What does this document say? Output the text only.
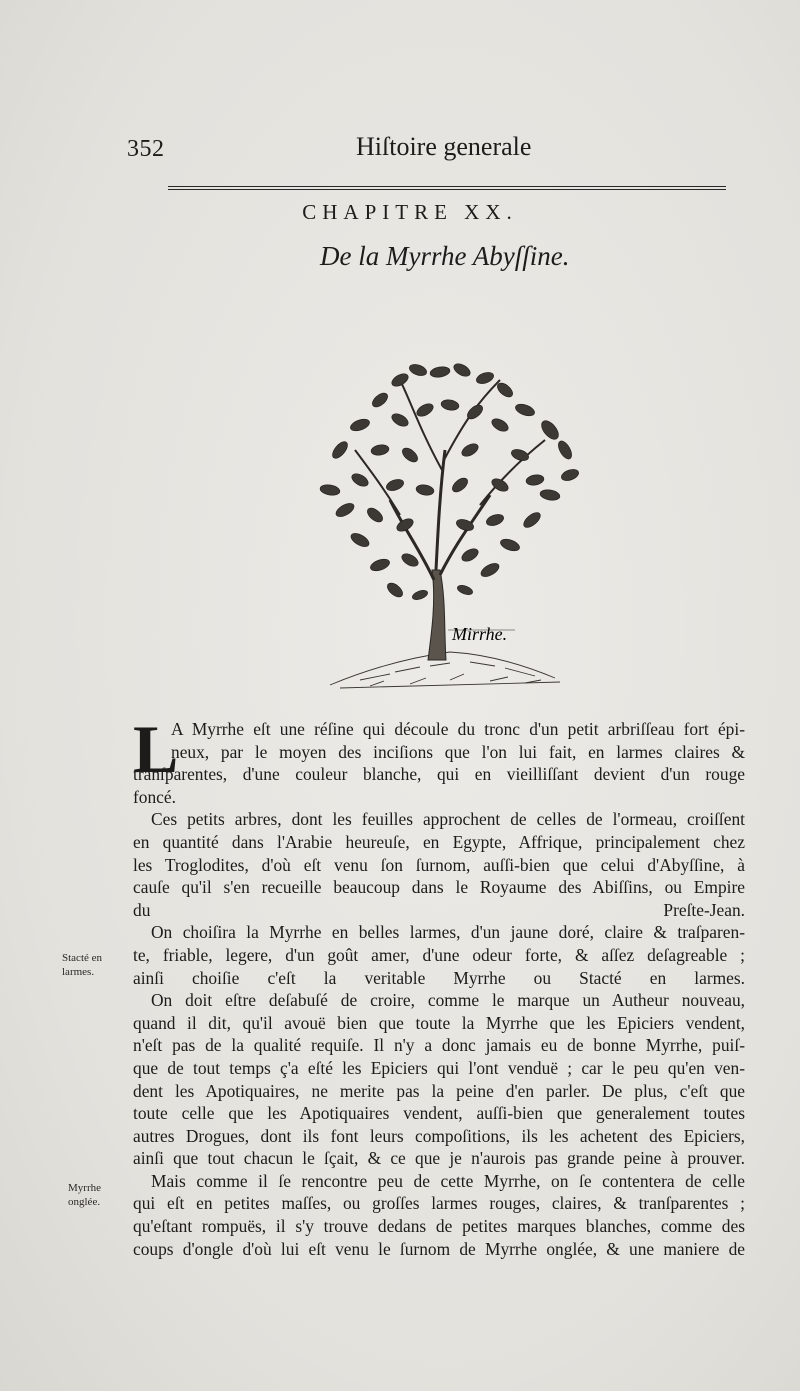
352	Hiſtoire generale
CHAPITRE XX.
De la Myrrhe Abyſſine.
Mirrhe.
L

A Myrrhe eſt une réſine qui découle du tronc d'un petit arbriſſeau fort épi-
neux, par le moyen des inciſions que l'on lui fait, en larmes claires &
tranſparentes, d'une couleur blanche, qui en vieilliſſant devient d'un rouge
foncé.

Ces petits arbres, dont les feuilles approchent de celles de l'ormeau, croiſſent
en quantité dans l'Arabie heureuſe, en Egypte, Affrique, principalement chez
les Troglodites, d'où eſt venu ſon ſurnom, auſſi-bien que celui d'Abyſſine, à
cauſe qu'il s'en recueille beaucoup dans le Royaume des Abiſſins, ou Empire
du Preſte-Jean.

On choiſira la Myrrhe en belles larmes, d'un jaune doré, claire & traſparen-
te, friable, legere, d'un goût amer, d'une odeur forte, & aſſez deſagreable ;
ainſi choiſie c'eſt la veritable Myrrhe ou Stacté en larmes.

On doit eſtre deſabuſé de croire, comme le marque un Autheur nouveau,
quand il dit, qu'il avouë bien que toute la Myrrhe que les Epiciers vendent,
n'eſt pas de la qualité requiſe. Il n'y a donc jamais eu de bonne Myrrhe, puiſ-
que de tout temps ç'a eſté les Epiciers qui l'ont venduë ; car le peu qu'en ven-
dent les Apotiquaires, ne merite pas la peine d'en parler. De plus, c'eſt que
toute celle que les Apotiquaires vendent, auſſi-bien que generalement toutes
autres Drogues, dont ils font leurs compoſitions, ils les achetent des Epiciers,
ainſi que tout chacun le ſçait, & ce que je n'aurois pas grande peine à prouver.

Mais comme il ſe rencontre peu de cette Myrrhe, on ſe contentera de celle
qui eſt en petites maſſes, ou groſſes larmes rouges, claires, & tranſparentes ;
qu'eſtant rompuës, il s'y trouve dedans de petites marques blanches, comme des
coups d'ongle d'où lui eſt venu le ſurnom de Myrrhe onglée, & une maniere de

Stacté en
larmes.
Myrrhe
onglée.
